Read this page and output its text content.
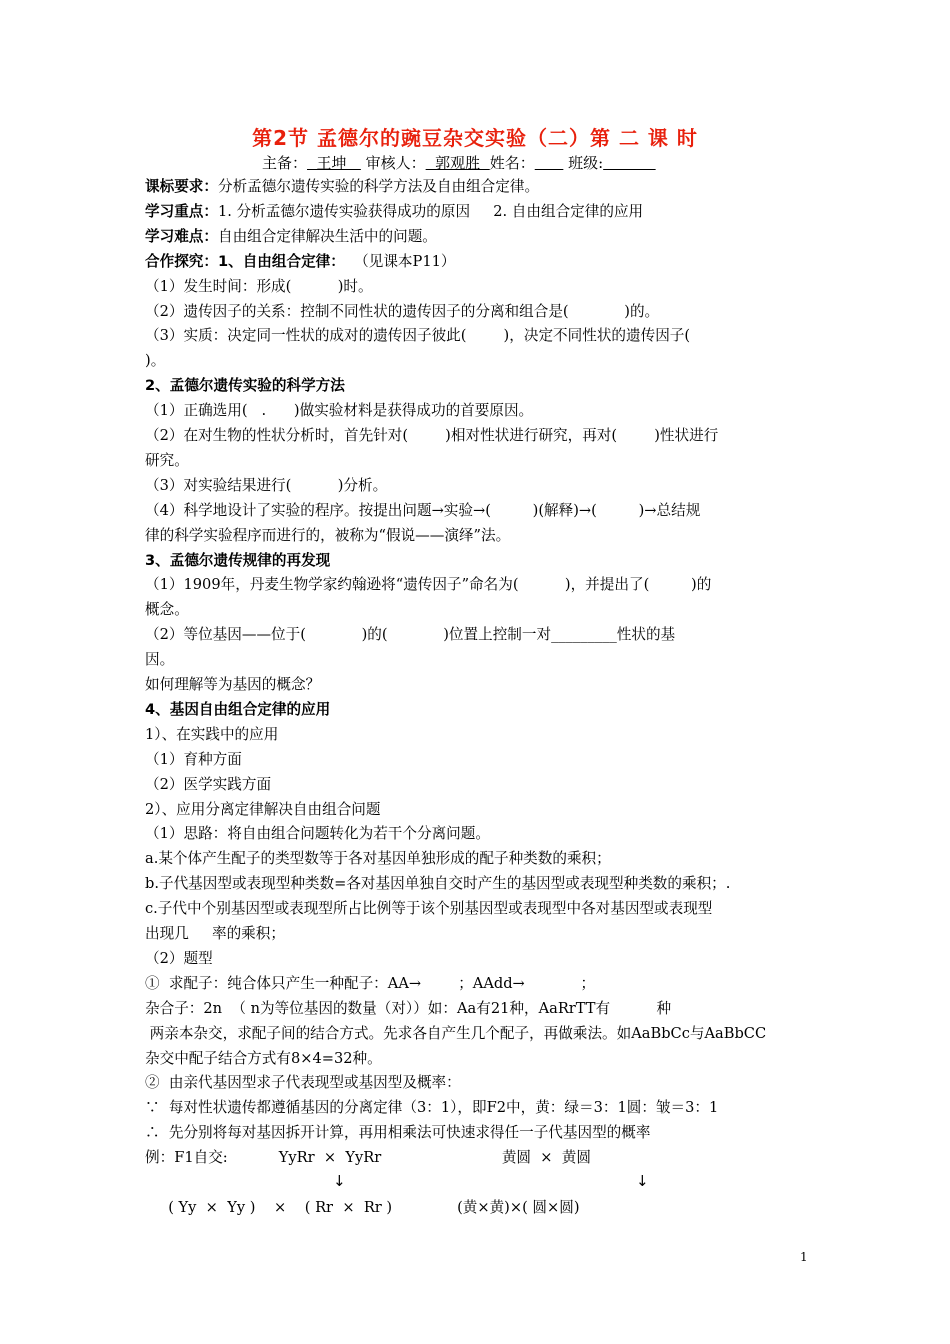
第2节 孟德尔的豌豆杂交实验（二）第 二 课 时
主备：  王坤    审核人：  郭观胜  姓名：       班级:
课标要求：分析孟德尔遗传实验的科学方法及自由组合定律。
学习重点：1. 分析孟德尔遗传实验获得成功的原因     2. 自由组合定律的应用
学习难点：自由组合定律解决生活中的问题。
合作探究：1、自由组合定律：  （见课本P11）
（1）发生时间：形成(          )时。
（2）遗传因子的关系：控制不同性状的遗传因子的分离和组合是(            )的。
（3）实质：决定同一性状的成对的遗传因子彼此(        )，决定不同性状的遗传因子(
)。
2、孟德尔遗传实验的科学方法
（1）正确选用(   .      )做实验材料是获得成功的首要原因。
（2）在对生物的性状分析时，首先针对(        )相对性状进行研究，再对(        )性状进行
研究。
（3）对实验结果进行(          )分析。
（4）科学地设计了实验的程序。按提出问题→实验→(         )(解释)→(         )→总结规
律的科学实验程序而进行的，被称为“假说——演绎”法。
3、孟德尔遗传规律的再发现
（1）1909年，丹麦生物学家约翰逊将“遗传因子”命名为(          )，并提出了(         )的
概念。
（2）等位基因——位于(            )的(            )位置上控制一对_________性状的基
因。
如何理解等为基因的概念？
4、基因自由组合定律的应用
1）、在实践中的应用
（1）育种方面
（2）医学实践方面
2）、应用分离定律解决自由组合问题
（1）思路：将自由组合问题转化为若干个分离问题。
a.某个体产生配子的类型数等于各对基因单独形成的配子种类数的乘积；
b.子代基因型或表现型种类数=各对基因单独自交时产生的基因型或表现型种类数的乘积；.
c.子代中个别基因型或表现型所占比例等于该个别基因型或表现型中各对基因型或表现型
出现几     率的乘积；
（2）题型
①  求配子：纯合体只产生一种配子：AA→        ；AAdd→            ；
杂合子：2n  （ n为等位基因的数量（对））如：Aa有21种，AaRrTT有          种
两亲本杂交，求配子间的结合方式。先求各自产生几个配子，再做乘法。如AaBbCc与AaBbCC
杂交中配子结合方式有8×4=32种。
②  由亲代基因型求子代表现型或基因型及概率：
∵  每对性状遗传都遵循基因的分离定律（3：1），即F2中，黄：绿＝3：1圆：皱＝3：1
∴  先分别将每对基因拆开计算，再用相乘法可快速求得任一子代基因型的概率
例：F1自交:           YyRr  ×  YyRr                          黄圆  ×  黄圆
( Yy  ×  Yy )    ×    ( Rr  ×  Rr )              (黄×黄)×( 圆×圆)
↓	↓
1
